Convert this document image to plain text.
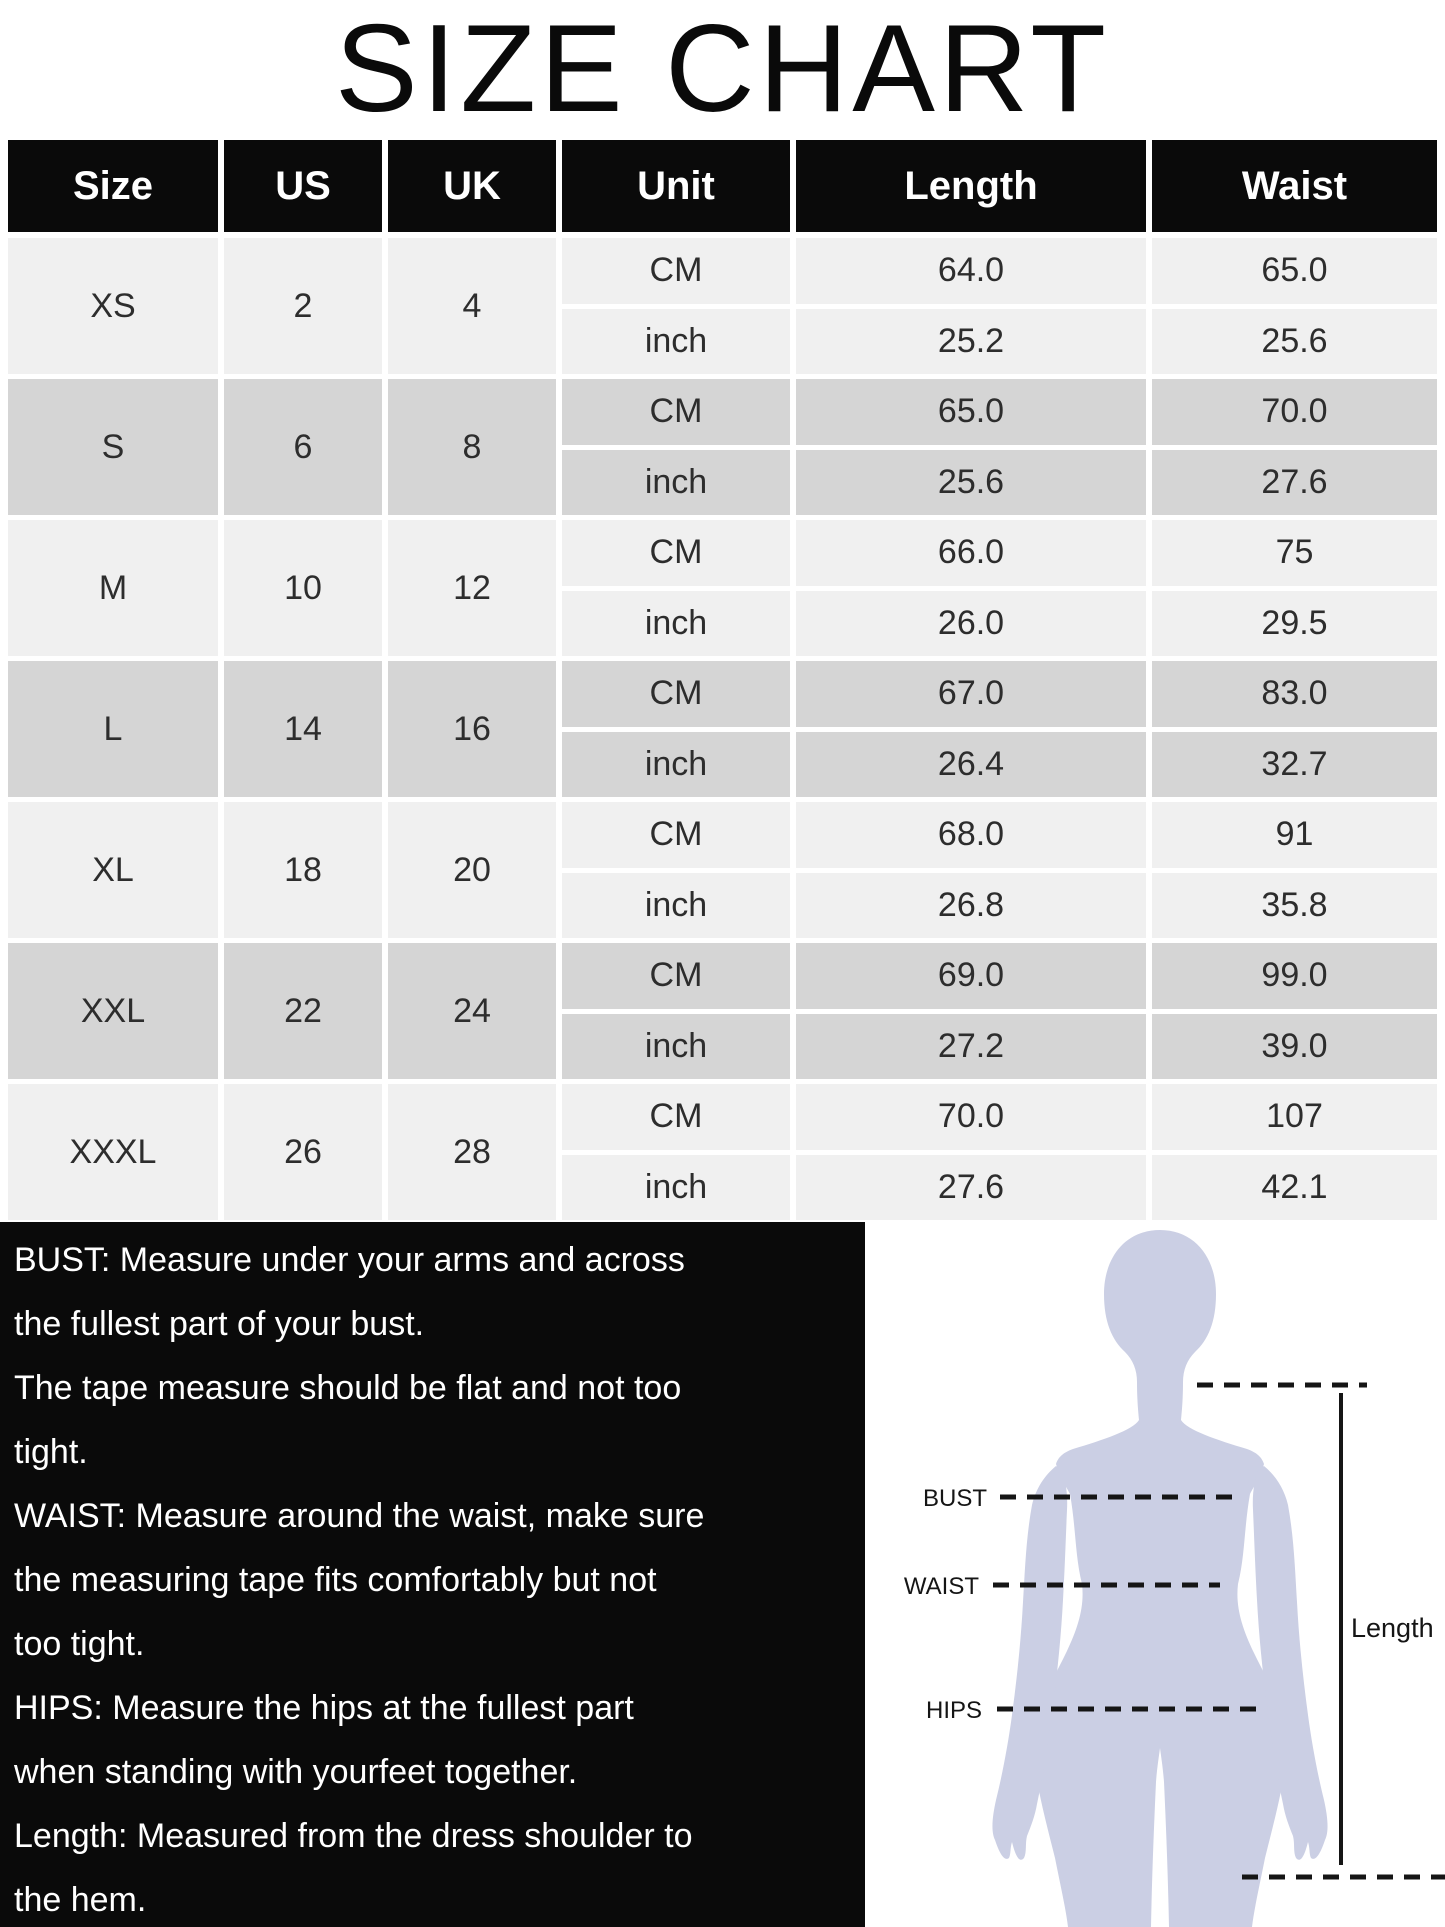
SIZE CHART
Size	US	UK	Unit	Length	Waist
XS	2	4
CM	64.0	65.0
inch	25.2	25.6
S	6	8
CM	65.0	70.0
inch	25.6	27.6
M	10	12
CM	66.0	75
inch	26.0	29.5
L	14	16
CM	67.0	83.0
inch	26.4	32.7
XL	18	20
CM	68.0	91
inch	26.8	35.8
XXL	22	24
CM	69.0	99.0
inch	27.2	39.0
XXXL	26	28
CM	70.0	107
inch	27.6	42.1
BUST: Measure under your arms and across
the fullest part of your bust.
The tape measure should be flat and not too
tight.
WAIST: Measure around the waist, make sure
the measuring tape fits comfortably but not
too tight.
HIPS: Measure the hips at the fullest part
when standing with yourfeet together.
Length: Measured from the dress shoulder to
the hem.
BUST
WAIST
HIPS
Length
